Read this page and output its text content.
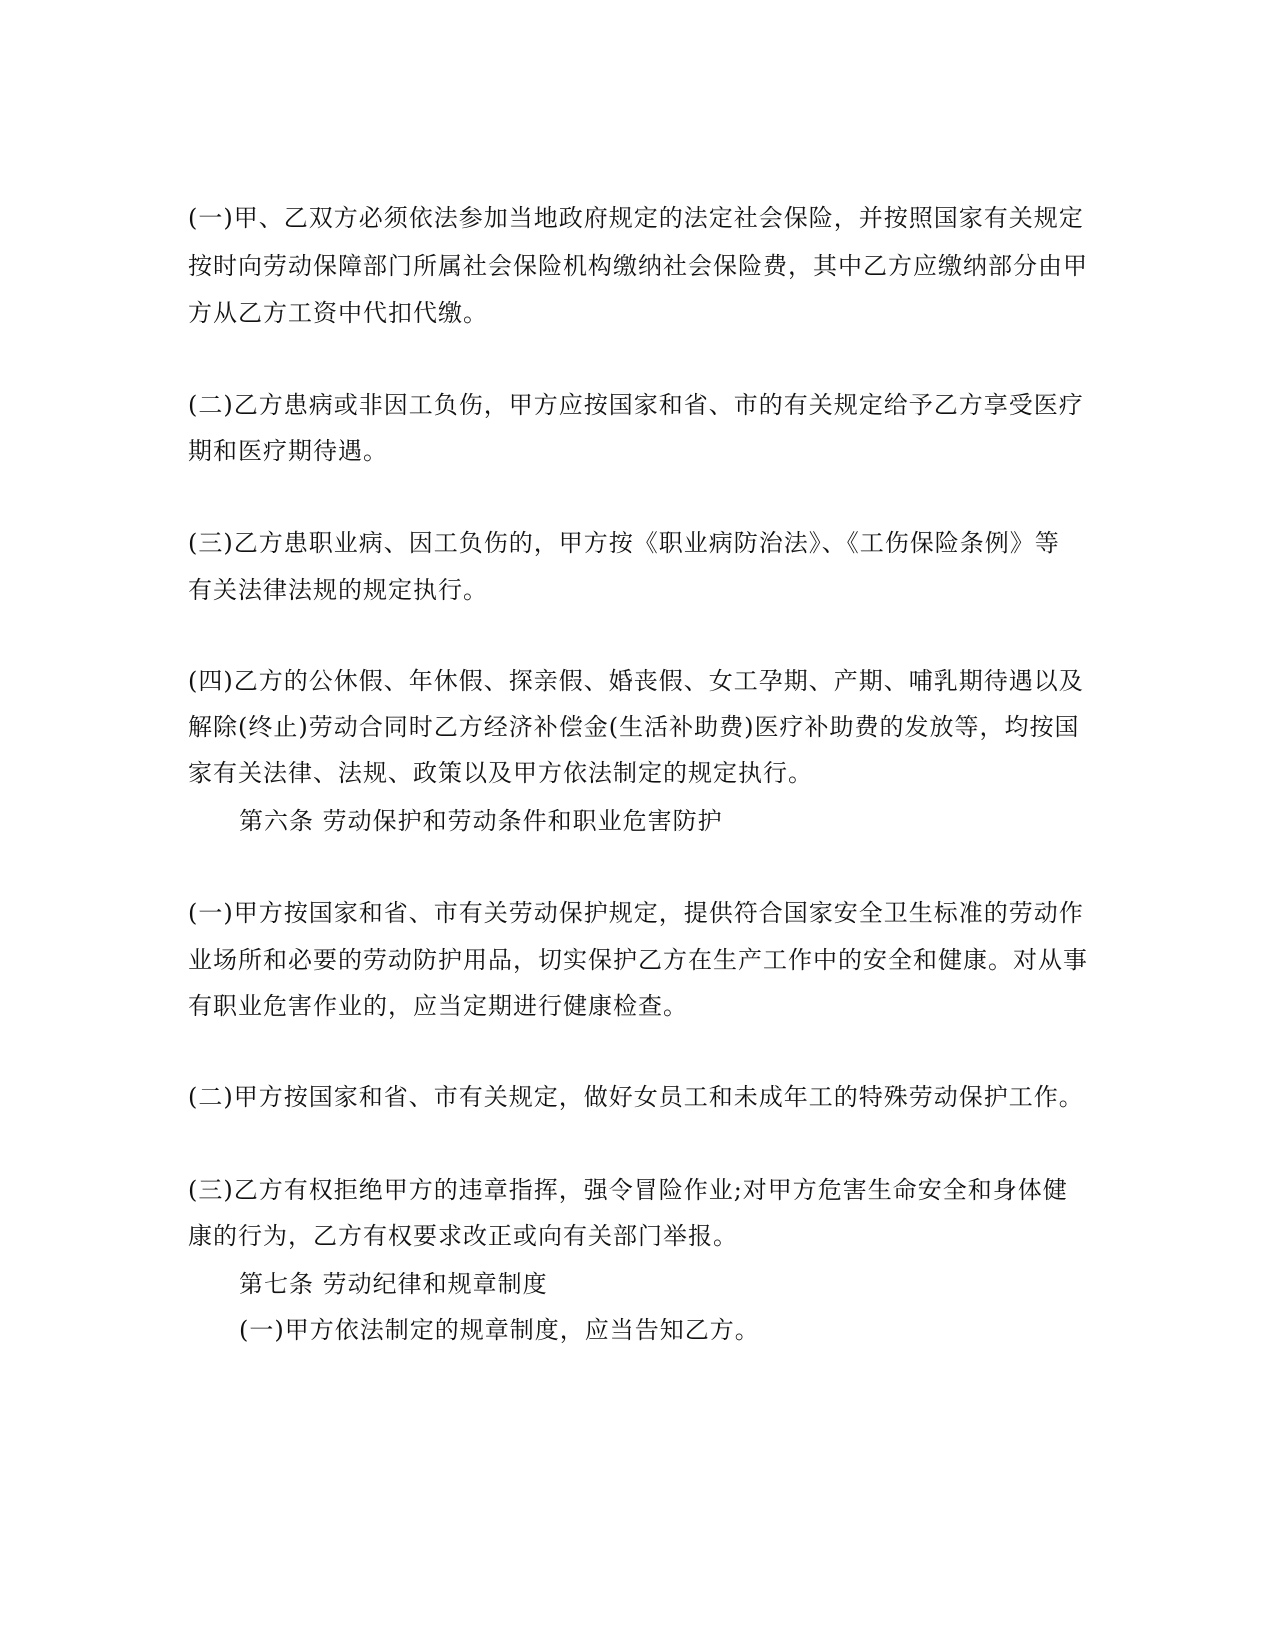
(一)甲、乙双方必须依法参加当地政府规定的法定社会保险，并按照国家有关规定
按时向劳动保障部门所属社会保险机构缴纳社会保险费，其中乙方应缴纳部分由甲
方从乙方工资中代扣代缴。
(二)乙方患病或非因工负伤，甲方应按国家和省、市的有关规定给予乙方享受医疗
期和医疗期待遇。
(三)乙方患职业病、因工负伤的，甲方按《职业病防治法》、《工伤保险条例》等
有关法律法规的规定执行。
(四)乙方的公休假、年休假、探亲假、婚丧假、女工孕期、产期、哺乳期待遇以及
解除(终止)劳动合同时乙方经济补偿金(生活补助费)医疗补助费的发放等，均按国
家有关法律、法规、政策以及甲方依法制定的规定执行。
第六条 劳动保护和劳动条件和职业危害防护
(一)甲方按国家和省、市有关劳动保护规定，提供符合国家安全卫生标准的劳动作
业场所和必要的劳动防护用品，切实保护乙方在生产工作中的安全和健康。对从事
有职业危害作业的，应当定期进行健康检查。
(二)甲方按国家和省、市有关规定，做好女员工和未成年工的特殊劳动保护工作。
(三)乙方有权拒绝甲方的违章指挥，强令冒险作业;对甲方危害生命安全和身体健
康的行为，乙方有权要求改正或向有关部门举报。
第七条 劳动纪律和规章制度
(一)甲方依法制定的规章制度，应当告知乙方。
